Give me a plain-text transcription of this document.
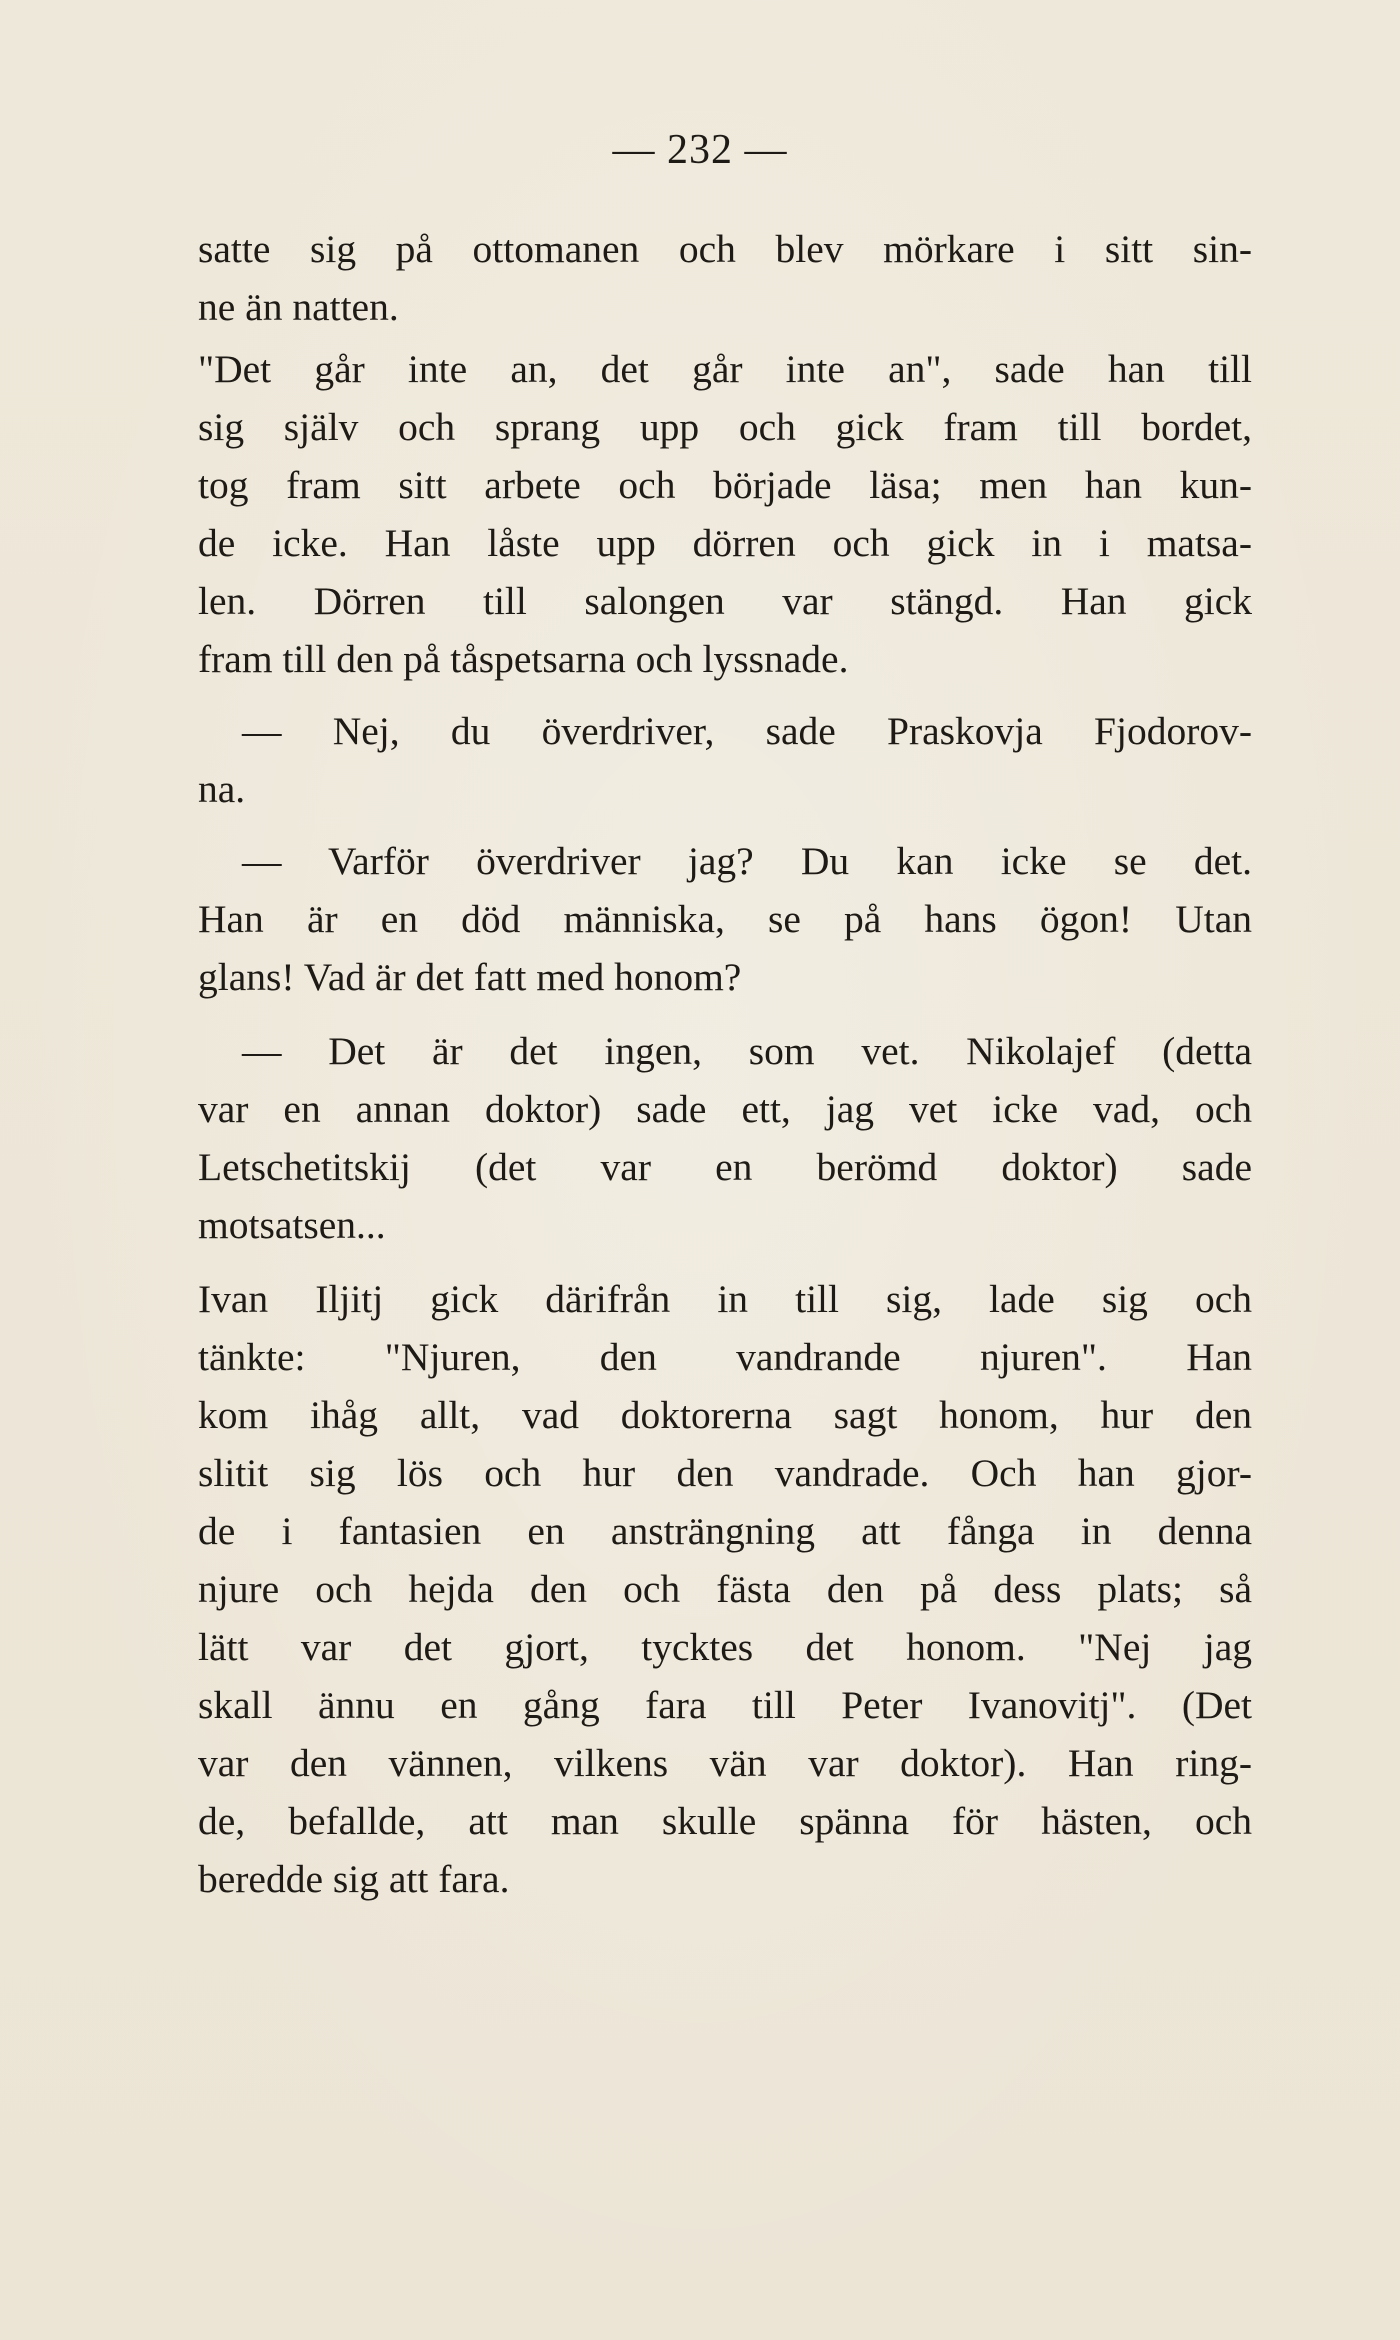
— 232 —
satte sig på ottomanen och blev mörkare i sitt sin-
ne än natten.
"Det går inte an, det går inte an", sade han till
sig själv och sprang upp och gick fram till bordet,
tog fram sitt arbete och började läsa; men han kun-
de icke. Han låste upp dörren och gick in i matsa-
len. Dörren till salongen var stängd. Han gick
fram till den på tåspetsarna och lyssnade.
— Nej, du överdriver, sade Praskovja Fjodorov-
na.
— Varför överdriver jag? Du kan icke se det.
Han är en död människa, se på hans ögon! Utan
glans! Vad är det fatt med honom?
— Det är det ingen, som vet. Nikolajef (detta
var en annan doktor) sade ett, jag vet icke vad, och
Letschetitskij (det var en berömd doktor) sade
motsatsen...
Ivan Iljitj gick därifrån in till sig, lade sig och
tänkte: "Njuren, den vandrande njuren". Han
kom ihåg allt, vad doktorerna sagt honom, hur den
slitit sig lös och hur den vandrade. Och han gjor-
de i fantasien en ansträngning att fånga in denna
njure och hejda den och fästa den på dess plats; så
lätt var det gjort, tycktes det honom. "Nej jag
skall ännu en gång fara till Peter Ivanovitj". (Det
var den vännen, vilkens vän var doktor). Han ring-
de, befallde, att man skulle spänna för hästen, och
beredde sig att fara.
